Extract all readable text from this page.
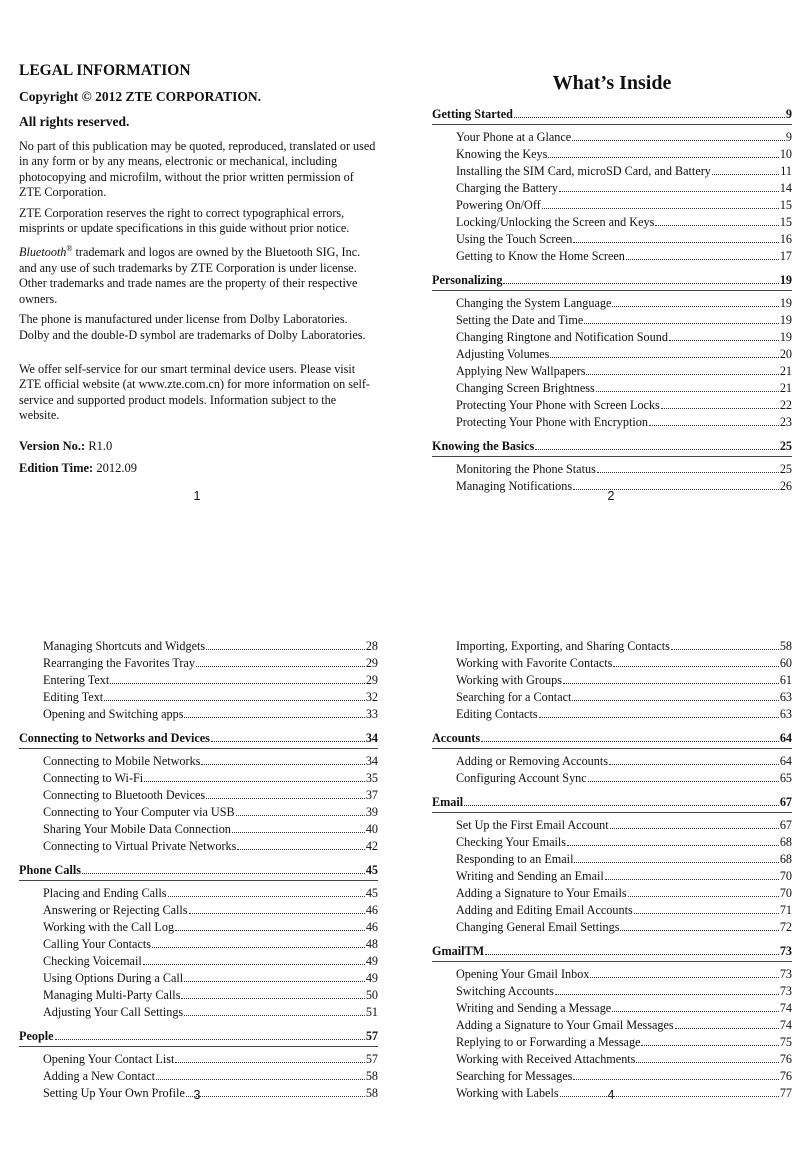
LEGAL INFORMATION
Copyright © 2012 ZTE CORPORATION.
All rights reserved.

No part of this publication may be quoted, reproduced, translated or used in any form or by any means, electronic or mechanical, including photocopying and microfilm, without the prior written permission of ZTE Corporation.

ZTE Corporation reserves the right to correct typographical errors, misprints or update specifications in this guide without prior notice.

Bluetooth® trademark and logos are owned by the Bluetooth SIG, Inc. and any use of such trademarks by ZTE Corporation is under license. Other trademarks and trade names are the property of their respective owners.

The phone is manufactured under license from Dolby Laboratories. Dolby and the double-D symbol are trademarks of Dolby Laboratories.

We offer self-service for our smart terminal device users. Please visit ZTE official website (at www.zte.com.cn) for more information on self-service and supported product models. Information subject to the website.

Version No.: R1.0

Edition Time: 2012.09

1	2
3	4
What’s Inside
Getting Started	9
Your Phone at a Glance	9
Knowing the Keys	10
Installing the SIM Card, microSD Card, and Battery	11
Charging the Battery	14
Powering On/Off	15
Locking/Unlocking the Screen and Keys	15
Using the Touch Screen	16
Getting to Know the Home Screen	17
Personalizing	19
Changing the System Language	19
Setting the Date and Time	19
Changing Ringtone and Notification Sound	19
Adjusting Volumes	20
Applying New Wallpapers	21
Changing Screen Brightness	21
Protecting Your Phone with Screen Locks	22
Protecting Your Phone with Encryption	23
Knowing the Basics	25
Monitoring the Phone Status	25
Managing Notifications	26
Managing Shortcuts and Widgets	28
Rearranging the Favorites Tray	29
Entering Text	29
Editing Text	32
Opening and Switching apps	33
Connecting to Networks and Devices	34
Connecting to Mobile Networks	34
Connecting to Wi-Fi	35
Connecting to Bluetooth Devices	37
Connecting to Your Computer via USB	39
Sharing Your Mobile Data Connection	40
Connecting to Virtual Private Networks	42
Phone Calls	45
Placing and Ending Calls	45
Answering or Rejecting Calls	46
Working with the Call Log	46
Calling Your Contacts	48
Checking Voicemail	49
Using Options During a Call	49
Managing Multi-Party Calls	50
Adjusting Your Call Settings	51
People	57
Opening Your Contact List	57
Adding a New Contact	58
Setting Up Your Own Profile	58
Importing, Exporting, and Sharing Contacts	58
Working with Favorite Contacts	60
Working with Groups	61
Searching for a Contact	63
Editing Contacts	63
Accounts	64
Adding or Removing Accounts	64
Configuring Account Sync	65
Email	67
Set Up the First Email Account	67
Checking Your Emails	68
Responding to an Email	68
Writing and Sending an Email	70
Adding a Signature to Your Emails	70
Adding and Editing Email Accounts	71
Changing General Email Settings	72
GmailTM	73
Opening Your Gmail Inbox	73
Switching Accounts	73
Writing and Sending a Message	74
Adding a Signature to Your Gmail Messages	74
Replying to or Forwarding a Message	75
Working with Received Attachments	76
Searching for Messages	76
Working with Labels	77
